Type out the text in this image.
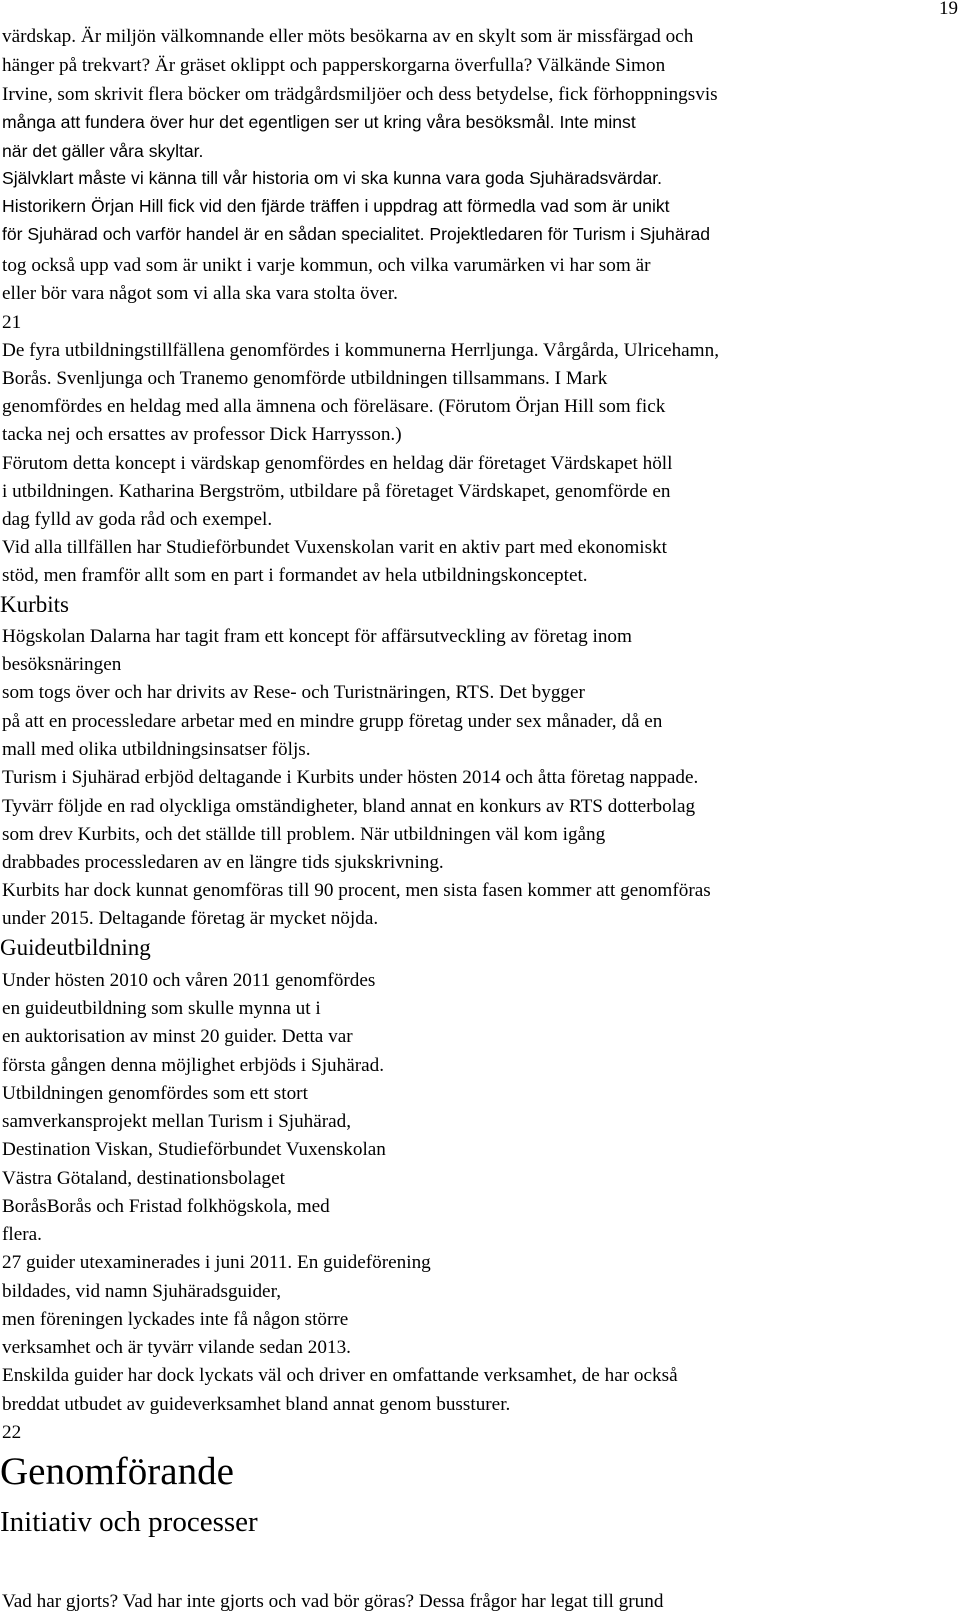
19
värdskap. Är miljön välkomnande eller möts besökarna av en skylt som är missfärgad och
hänger på trekvart? Är gräset oklippt och papperskorgarna överfulla? Välkände Simon
Irvine, som skrivit flera böcker om trädgårdsmiljöer och dess betydelse, fick förhoppningsvis
många att fundera över hur det egentligen ser ut kring våra besöksmål. Inte minst
när det gäller våra skyltar.
Självklart måste vi känna till vår historia om vi ska kunna vara goda Sjuhäradsvärdar.
Historikern Örjan Hill fick vid den fjärde träffen i uppdrag att förmedla vad som är unikt
för Sjuhärad och varför handel är en sådan specialitet. Projektledaren för Turism i Sjuhärad
tog också upp vad som är unikt i varje kommun, och vilka varumärken vi har som är
eller bör vara något som vi alla ska vara stolta över.
21
De fyra utbildningstillfällena genomfördes i kommunerna Herrljunga. Vårgårda, Ulricehamn,
Borås. Svenljunga och Tranemo genomförde utbildningen tillsammans. I Mark
genomfördes en heldag med alla ämnena och föreläsare. (Förutom Örjan Hill som fick
tacka nej och ersattes av professor Dick Harrysson.)
Förutom detta koncept i värdskap genomfördes en heldag där företaget Värdskapet höll
i utbildningen. Katharina Bergström, utbildare på företaget Värdskapet, genomförde en
dag fylld av goda råd och exempel.
Vid alla tillfällen har Studieförbundet Vuxenskolan varit en aktiv part med ekonomiskt
stöd, men framför allt som en part i formandet av hela utbildningskonceptet.
Kurbits
Högskolan Dalarna har tagit fram ett koncept för affärsutveckling av företag inom
besöksnäringen
som togs över och har drivits av Rese- och Turistnäringen, RTS. Det bygger
på att en processledare arbetar med en mindre grupp företag under sex månader, då en
mall med olika utbildningsinsatser följs.
Turism i Sjuhärad erbjöd deltagande i Kurbits under hösten 2014 och åtta företag nappade.
Tyvärr följde en rad olyckliga omständigheter, bland annat en konkurs av RTS dotterbolag
som drev Kurbits, och det ställde till problem. När utbildningen väl kom igång
drabbades processledaren av en längre tids sjukskrivning.
Kurbits har dock kunnat genomföras till 90 procent, men sista fasen kommer att genomföras
under 2015. Deltagande företag är mycket nöjda.
Guideutbildning
Under hösten 2010 och våren 2011 genomfördes
en guideutbildning som skulle mynna ut i
en auktorisation av minst 20 guider. Detta var
första gången denna möjlighet erbjöds i Sjuhärad.
Utbildningen genomfördes som ett stort
samverkansprojekt mellan Turism i Sjuhärad,
Destination Viskan, Studieförbundet Vuxenskolan
Västra Götaland, destinationsbolaget
BoråsBorås och Fristad folkhögskola, med
flera.
27 guider utexaminerades i juni 2011. En guideförening
bildades, vid namn Sjuhäradsguider,
men föreningen lyckades inte få någon större
verksamhet och är tyvärr vilande sedan 2013.
Enskilda guider har dock lyckats väl och driver en omfattande verksamhet, de har också
breddat utbudet av guideverksamhet bland annat genom bussturer.
22
Genomförande
Initiativ och processer
Vad har gjorts? Vad har inte gjorts och vad bör göras? Dessa frågor har legat till grund
